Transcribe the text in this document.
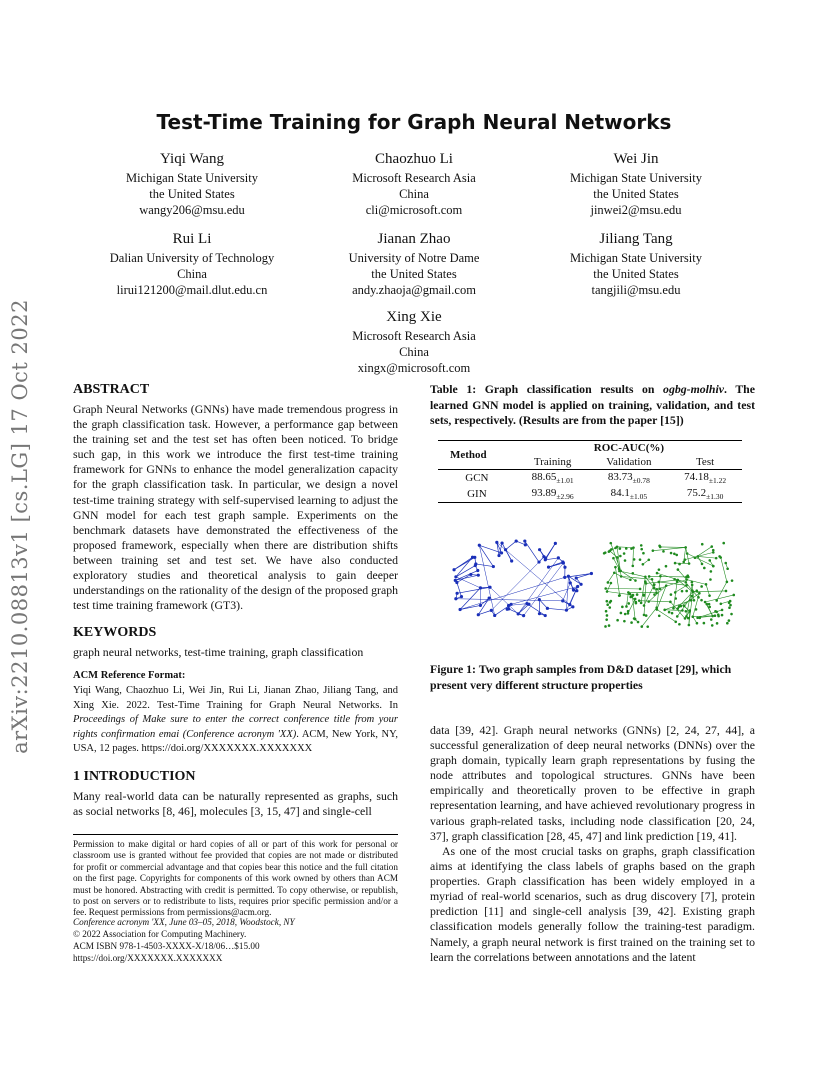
arXiv:2210.08813v1 [cs.LG] 17 Oct 2022
Test-Time Training for Graph Neural Networks
Yiqi Wang
Michigan State University
the United States
wangy206@msu.edu
Chaozhuo Li
Microsoft Research Asia
China
cli@microsoft.com
Wei Jin
Michigan State University
the United States
jinwei2@msu.edu
Rui Li
Dalian University of Technology
China
lirui121200@mail.dlut.edu.cn
Jianan Zhao
University of Notre Dame
the United States
andy.zhaoja@gmail.com
Jiliang Tang
Michigan State University
the United States
tangjili@msu.edu
Xing Xie
Microsoft Research Asia
China
xingx@microsoft.com
ABSTRACT
Graph Neural Networks (GNNs) have made tremendous progress in the graph classification task. However, a performance gap between the training set and the test set has often been noticed. To bridge such gap, in this work we introduce the first test-time training framework for GNNs to enhance the model generalization capacity for the graph classification task. In particular, we design a novel test-time training strategy with self-supervised learning to adjust the GNN model for each test graph sample. Experiments on the benchmark datasets have demonstrated the effectiveness of the proposed framework, especially when there are distribution shifts between training set and test set. We have also conducted exploratory studies and theoretical analysis to gain deeper understandings on the rationality of the design of the proposed graph test time training framework (GT3).
KEYWORDS
graph neural networks, test-time training, graph classification
ACM Reference Format:
Yiqi Wang, Chaozhuo Li, Wei Jin, Rui Li, Jianan Zhao, Jiliang Tang, and Xing Xie. 2022. Test-Time Training for Graph Neural Networks. In Proceedings of Make sure to enter the correct conference title from your rights confirmation emai (Conference acronym 'XX). ACM, New York, NY, USA, 12 pages. https://doi.org/XXXXXXX.XXXXXXX
1 INTRODUCTION
Many real-world data can be naturally represented as graphs, such as social networks [8, 46], molecules [3, 15, 47] and single-cell
Permission to make digital or hard copies of all or part of this work for personal or classroom use is granted without fee provided that copies are not made or distributed for profit or commercial advantage and that copies bear this notice and the full citation on the first page. Copyrights for components of this work owned by others than ACM must be honored. Abstracting with credit is permitted. To copy otherwise, or republish, to post on servers or to redistribute to lists, requires prior specific permission and/or a fee. Request permissions from permissions@acm.org.
Conference acronym 'XX, June 03–05, 2018, Woodstock, NY
© 2022 Association for Computing Machinery.
ACM ISBN 978-1-4503-XXXX-X/18/06…$15.00
https://doi.org/XXXXXXX.XXXXXXX
Table 1: Graph classification results on ogbg-molhiv. The learned GNN model is applied on training, validation, and test sets, respectively. (Results are from the paper [15])
Method	ROC-AUC(%)		
	Training	Validation	Test
GCN	$88.65_{\pm 1.01}$	$83.73_{\pm 0.78}$	$74.18_{\pm 1.22}$
GIN	$93.89_{\pm 2.96}$	$84.1_{\pm 1.05}$	$75.2_{\pm 1.30}$
Figure 1: Two graph samples from D&D dataset [29], which present very different structure properties
data [39, 42]. Graph neural networks (GNNs) [2, 24, 27, 44], a successful generalization of deep neural networks (DNNs) over the graph domain, typically learn graph representations by fusing the node attributes and topological structures. GNNs have been empirically and theoretically proven to be effective in graph representation learning, and have achieved revolutionary progress in various graph-related tasks, including node classification [20, 24, 37], graph classification [28, 45, 47] and link prediction [19, 41].
As one of the most crucial tasks on graphs, graph classification aims at identifying the class labels of graphs based on the graph properties. Graph classification has been widely employed in a myriad of real-world scenarios, such as drug discovery [7], protein prediction [11] and single-cell analysis [39, 42]. Existing graph classification models generally follow the training-test paradigm. Namely, a graph neural network is first trained on the training set to learn the correlations between annotations and the latent
